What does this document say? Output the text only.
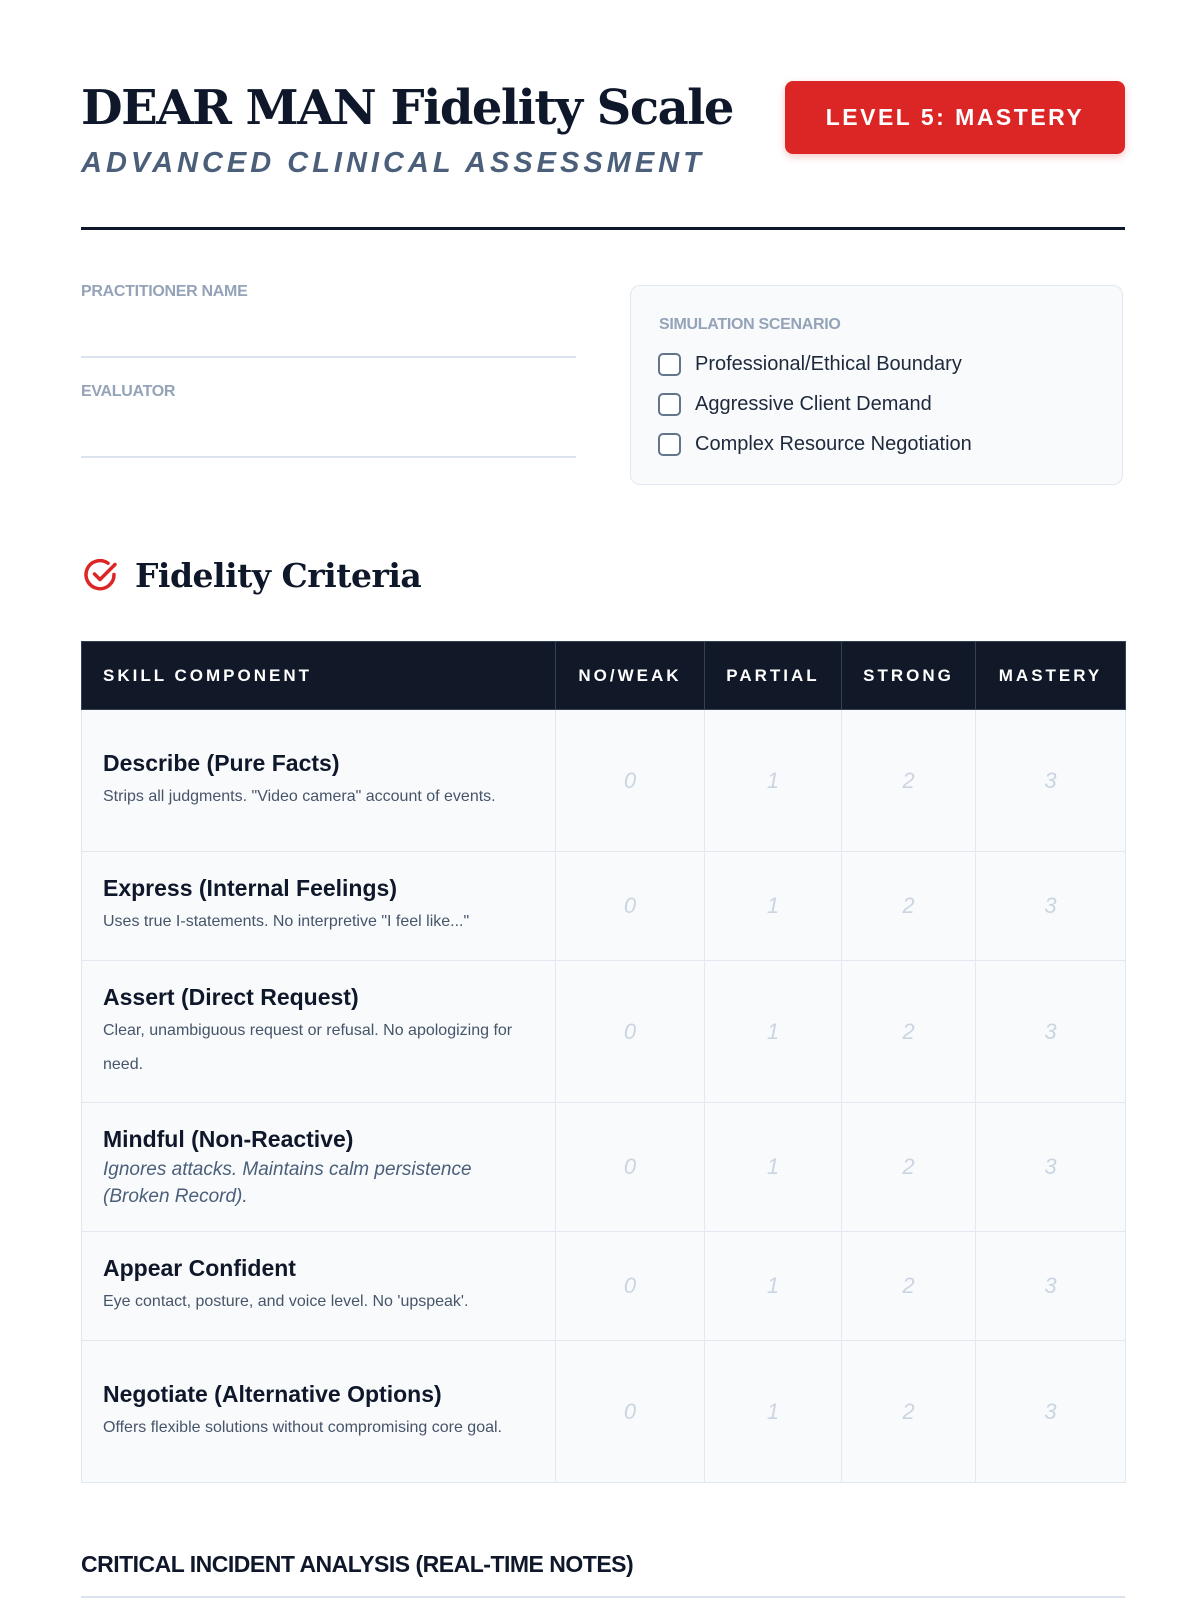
DEAR MAN Fidelity Scale
ADVANCED CLINICAL ASSESSMENT
LEVEL 5: MASTERY
PRACTITIONER NAME
EVALUATOR
SIMULATION SCENARIO
Professional/Ethical Boundary
Aggressive Client Demand
Complex Resource Negotiation
Fidelity Criteria
SKILL COMPONENT	NO/WEAK	PARTIAL	STRONG	MASTERY

Describe (Pure Facts)
Strips all judgments. "Video camera" account of events.	0	1	2	3

Express (Internal Feelings)
Uses true I-statements. No interpretive "I feel like..."	0	1	2	3

Assert (Direct Request)
Clear, unambiguous request or refusal. No apologizing for need.	0	1	2	3

Mindful (Non-Reactive)
Ignores attacks. Maintains calm persistence (Broken Record).	0	1	2	3

Appear Confident
Eye contact, posture, and voice level. No 'upspeak'.	0	1	2	3

Negotiate (Alternative Options)
Offers flexible solutions without compromising core goal.	0	1	2	3
CRITICAL INCIDENT ANALYSIS (REAL-TIME NOTES)
